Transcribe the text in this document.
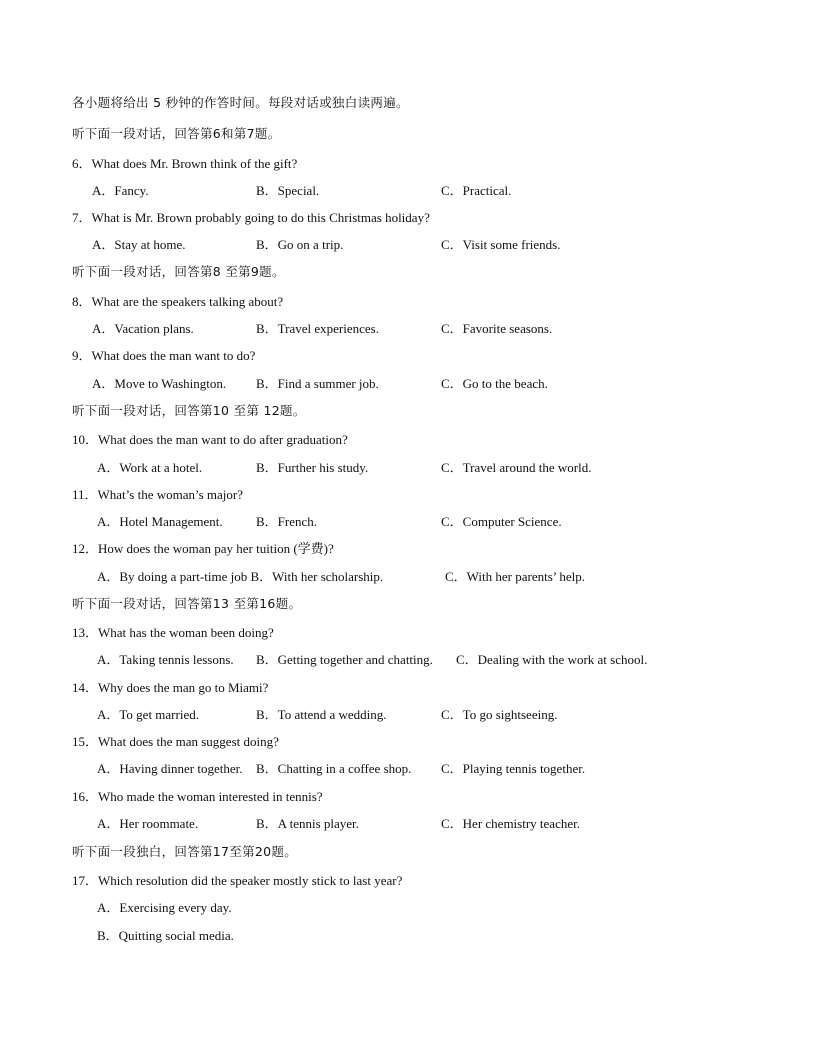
各小题将给出 5 秒钟的作答时间。每段对话或独白读两遍。
听下面一段对话，回答第6和第7题。
6．What does Mr. Brown think of the gift?
A．Fancy.	B．Special.	C．Practical.
7．What is Mr. Brown probably going to do this Christmas holiday?
A．Stay at home.	B．Go on a trip.	C．Visit some friends.
听下面一段对话，回答第8 至第9题。
8．What are the speakers talking about?
A．Vacation plans.	B．Travel experiences.	C．Favorite seasons.
9．What does the man want to do?
A．Move to Washington. B．Find a summer job.	C．Go to the beach.
听下面一段对话，回答第10 至第 12题。
10．What does the man want to do after graduation?
A．Work at a hotel.	B．Further his study.	C．Travel around the world.
11．What’s the woman’s major?
A．Hotel Management.	B．French.	C．Computer Science.
12．How does the woman pay her tuition (学费)?
A．By doing a part-time job B．With her scholarship.	C．With her parents’ help.
听下面一段对话，回答第13 至第16题。
13．What has the woman been doing?
A．Taking tennis lessons. B．Getting together and chatting. C．Dealing with the work at school.
14．Why does the man go to Miami?
A．To get married.	B．To attend a wedding.	C．To go sightseeing.
15．What does the man suggest doing?
A．Having dinner together. B．Chatting in a coffee shop. C．Playing tennis together.
16．Who made the woman interested in tennis?
A．Her roommate.	B．A tennis player.	C．Her chemistry teacher.
听下面一段独白，回答第17至第20题。
17．Which resolution did the speaker mostly stick to last year?
A．Exercising every day.
B．Quitting social media.
